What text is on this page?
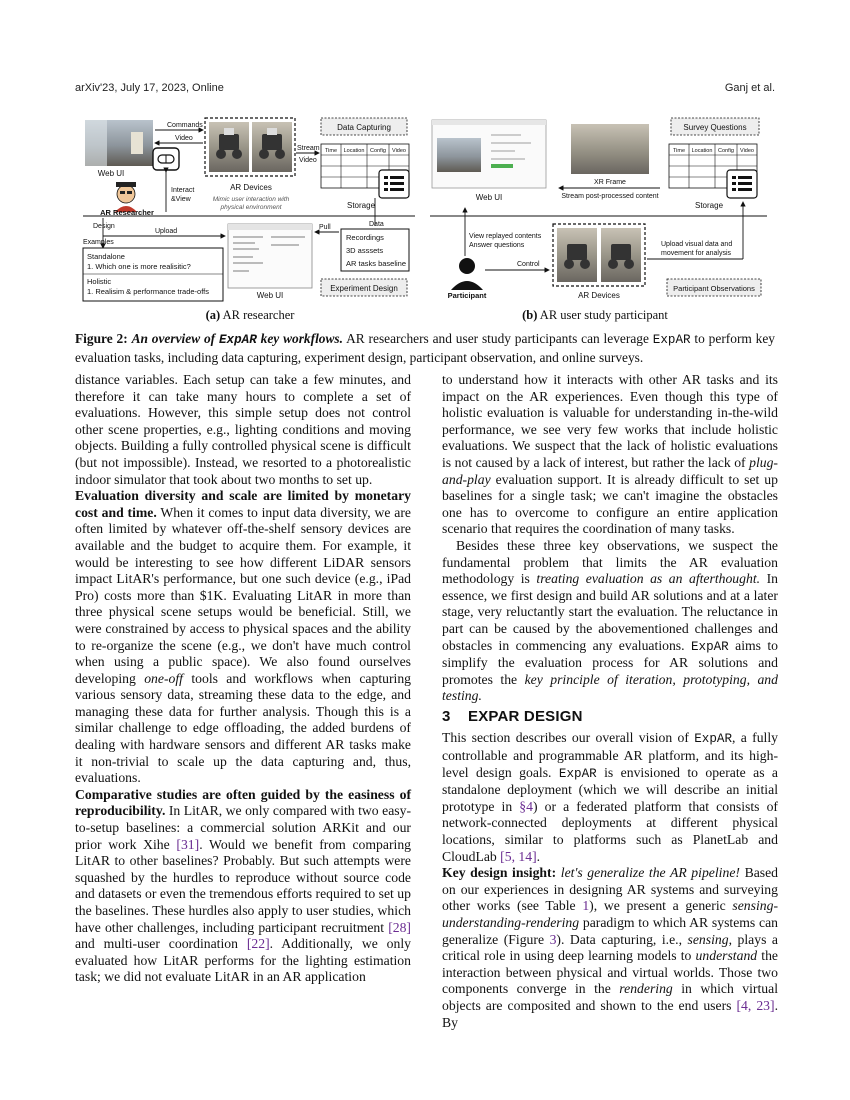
arXiv'23, July 17, 2023, Online	Ganj et al.
Web UI
Commands
Video
AR Devices
Mimic user interaction with
physical environment
AR Researcher
Interact
&View
Data Capturing
Stream
Video
Time Location Config Video
Storage
Design
Upload
Examples
Standalone
1. Which one is more realisitic?
Holistic
1. Realisim & performance trade-offs	Web UI
Pull	Data
Recordings
3D asssets
AR tasks baseline
Experiment Design
Web UI
XR Frame
Stream post-processed content
Survey Questions
Time Location Config Video
Storage
View replayed contents
Answer questions
Participant
Control
AR Devices
Upload visual data and
movement for analysis
Participant Observations
(a) AR researcher	(b) AR user study participant
Figure 2: An overview of ExpAR key workflows. AR researchers and user study participants can leverage ExpAR to perform key evaluation tasks, including data capturing, experiment design, participant observation, and online surveys.

distance variables. Each setup can take a few minutes, and therefore it can take many hours to complete a set of evaluations. However, this simple setup does not control other scene properties, e.g., lighting conditions and moving objects. Building a fully controlled physical scene is difficult (but not impossible). Instead, we resorted to a photorealistic indoor simulator that took about two months to set up.

Evaluation diversity and scale are limited by monetary cost and time. When it comes to input data diversity, we are often limited by whatever off-the-shelf sensory devices are available and the budget to acquire them. For example, it would be interesting to see how different LiDAR sensors impact LitAR's performance, but one such device (e.g., iPad Pro) costs more than $1K. Evaluating LitAR in more than three physical scene setups would be beneficial. Still, we were constrained by access to physical spaces and the ability to re-organize the scene (e.g., we don't have much control when using a public space). We also found ourselves developing one-off tools and workflows when capturing various sensory data, streaming these data to the edge, and managing these data for further analysis. Though this is a similar challenge to edge offloading, the added burdens of dealing with hardware sensors and different AR tasks make it non-trivial to scale up the data capturing and, thus, evaluations.

Comparative studies are often guided by the easiness of reproducibility. In LitAR, we only compared with two easy-to-setup baselines: a commercial solution ARKit and our prior work Xihe [31]. Would we benefit from comparing LitAR to other baselines? Probably. But such attempts were squashed by the hurdles to reproduce without source code and datasets or even the tremendous efforts required to set up the baselines. These hurdles also apply to user studies, which have other challenges, including participant recruitment [28] and multi-user coordination [22]. Additionally, we only evaluated how LitAR performs for the lighting estimation task; we did not evaluate LitAR in an AR application

to understand how it interacts with other AR tasks and its impact on the AR experiences. Even though this type of holistic evaluation is valuable for understanding in-the-wild performance, we see very few works that include holistic evaluations. We suspect that the lack of holistic evaluations is not caused by a lack of interest, but rather the lack of plug-and-play evaluation support. It is already difficult to set up baselines for a single task; we can't imagine the obstacles one has to overcome to configure an entire application scenario that requires the coordination of many tasks.

Besides these three key observations, we suspect the fundamental problem that limits the AR evaluation methodology is treating evaluation as an afterthought. In essence, we first design and build AR solutions and at a later stage, very reluctantly start the evaluation. The reluctance in part can be caused by the abovementioned challenges and obstacles in commencing any evaluations. ExpAR aims to simplify the evaluation process for AR solutions and promotes the key principle of iteration, prototyping, and testing.

3 EXPAR DESIGN

This section describes our overall vision of ExpAR, a fully controllable and programmable AR platform, and its high-level design goals. ExpAR is envisioned to operate as a standalone deployment (which we will describe an initial prototype in §4) or a federated platform that consists of network-connected deployments at different physical locations, similar to platforms such as PlanetLab and CloudLab [5, 14].

Key design insight: let's generalize the AR pipeline! Based on our experiences in designing AR systems and surveying other works (see Table 1), we present a generic sensing-understanding-rendering paradigm to which AR systems can generalize (Figure 3). Data capturing, i.e., sensing, plays a critical role in using deep learning models to understand the interaction between physical and virtual worlds. Those two components converge in the rendering in which virtual objects are composited and shown to the end users [4, 23]. By
